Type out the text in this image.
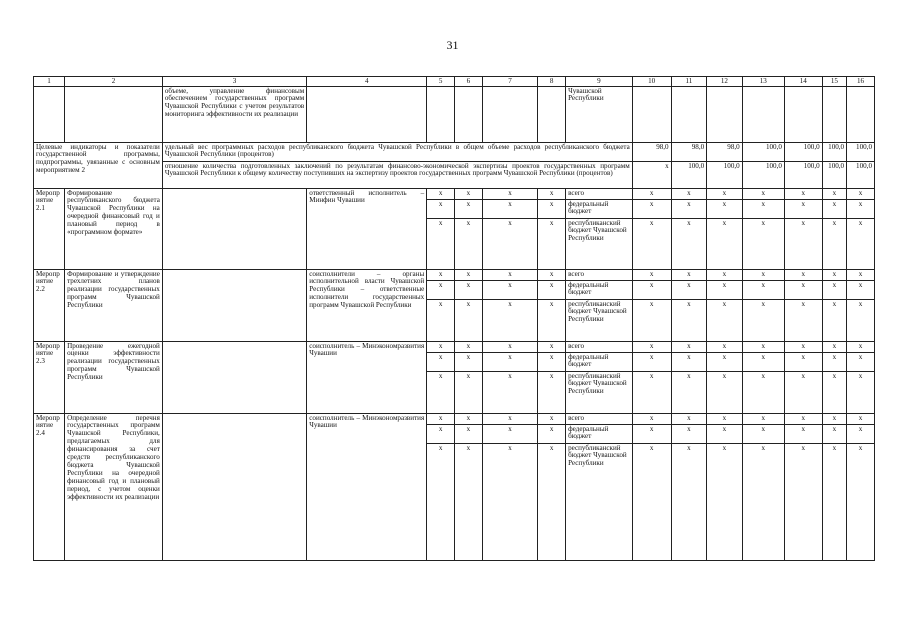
31
1	2	3	4	5	6	7	8	9	10	11	12	13	14	15	16
		объеме, управление финансовым обеспечением государственных программ Чувашской Республики с учетом результатов мониторинга эффективности их реализации						Чувашской Республики							
Целевые индикаторы и показатели государственной программы, подпрограммы, увязанные с основным мероприятием 2		удельный вес программных расходов республиканского бюджета Чувашской Республики в общем объеме расходов республиканского бюджета Чувашской Республики (процентов)							98,0	98,0	98,0	100,0	100,0	100,0	100,0
		отношение количества подготовленных заключений по результатам финансово-экономической экспертизы проектов государственных программ Чувашской Республики к общему количеству поступивших на экспертизу проектов государственных программ Чувашской Республики (процентов)							x	100,0	100,0	100,0	100,0	100,0	100,0
Мероприятие 2.1	Формирование республиканского бюджета Чувашской Республики на очередной финансовый год и плановый период в «программном формате»		ответственный исполнитель – Минфин Чувашии	x	x	x	x	всего	x	x	x	x	x	x	x
				x	x	x	x	федеральный бюджет	x	x	x	x	x	x	x
				x	x	x	x	республиканский бюджет Чувашской Республики	x	x	x	x	x	x	x
Мероприятие 2.2	Формирование и утверждение трехлетних планов реализации государственных программ Чувашской Республики		соисполнители – органы исполнительной власти Чувашской Республики – ответственные исполнители государственных программ Чувашской Республики	x	x	x	x	всего	x	x	x	x	x	x	x
				x	x	x	x	федеральный бюджет	x	x	x	x	x	x	x
				x	x	x	x	республиканский бюджет Чувашской Республики	x	x	x	x	x	x	x
Мероприятие 2.3	Проведение ежегодной оценки эффективности реализации государственных программ Чувашской Республики		соисполнитель – Минэкономразвития Чувашии	x	x	x	x	всего	x	x	x	x	x	x	x
				x	x	x	x	федеральный бюджет	x	x	x	x	x	x	x
				x	x	x	x	республиканский бюджет Чувашской Республики	x	x	x	x	x	x	x
Мероприятие 2.4	Определение перечня государственных программ Чувашской Республики, предлагаемых для финансирования за счет средств республиканского бюджета Чувашской Республики на очередной финансовый год и плановый период, с учетом оценки эффективности их реализации		соисполнитель – Минэкономразвития Чувашии	x	x	x	x	всего	x	x	x	x	x	x	x
				x	x	x	x	федеральный бюджет	x	x	x	x	x	x	x
				x	x	x	x	республиканский бюджет Чувашской Республики	x	x	x	x	x	x	x
